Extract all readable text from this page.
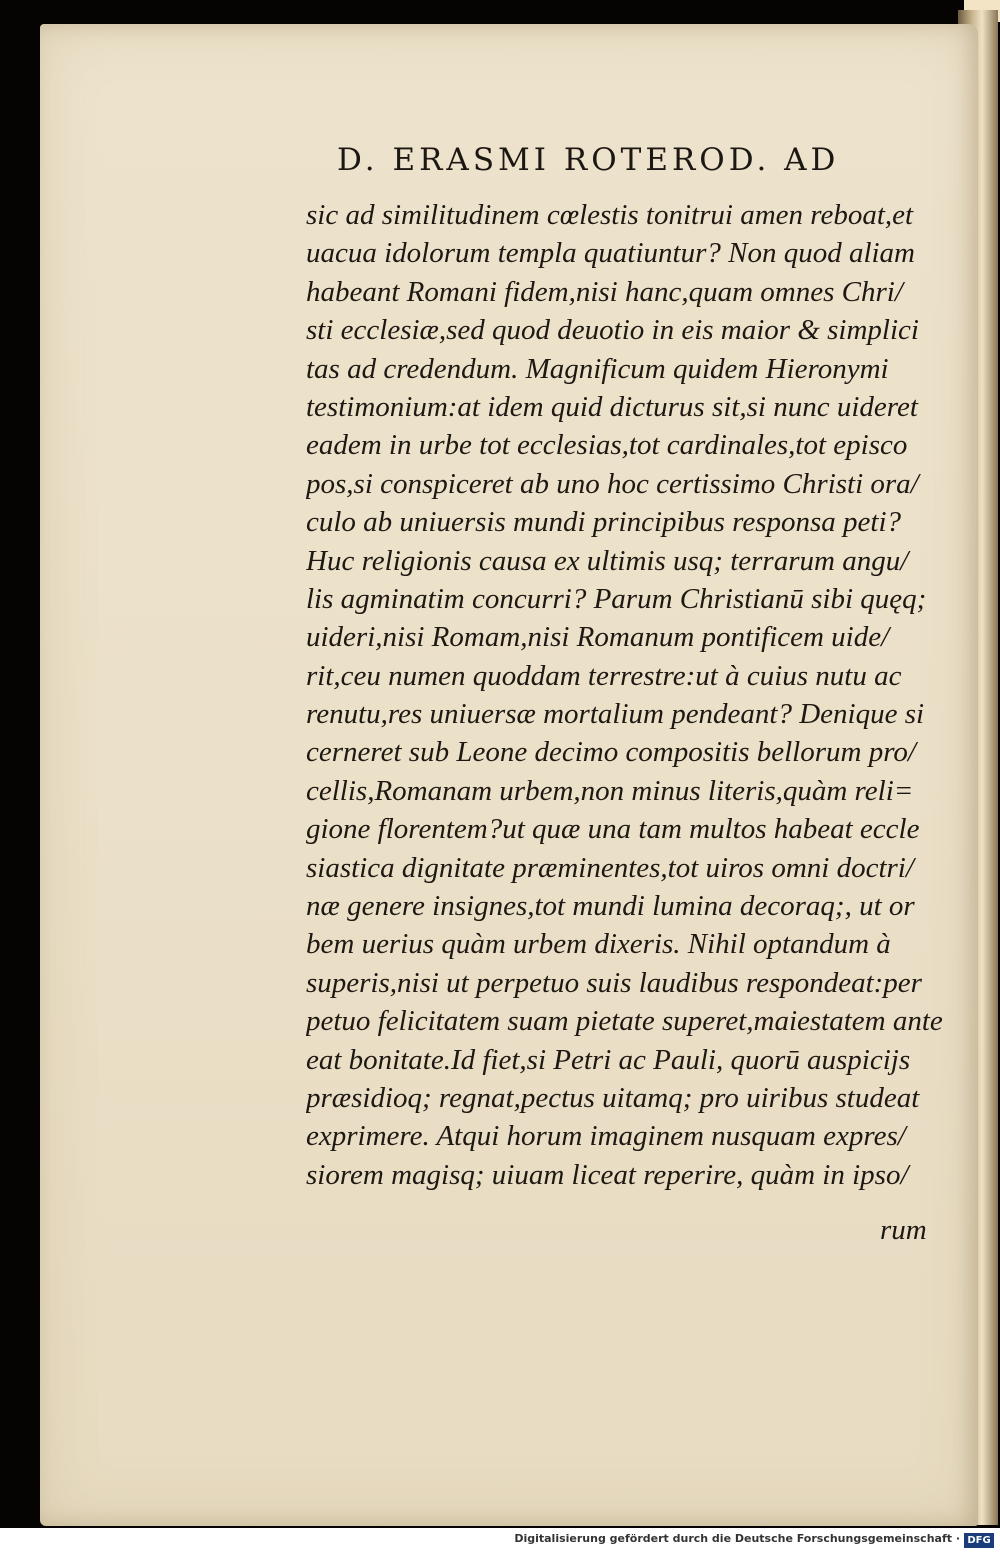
D. ERASMI ROTEROD. AD
sic ad similitudinem cœlestis tonitrui amen reboat,et
uacua idolorum templa quatiuntur? Non quod aliam
habeant Romani fidem,nisi hanc,quam omnes Chri/
sti ecclesiæ,sed quod deuotio in eis maior & simplici
tas ad credendum. Magnificum quidem Hieronymi
testimonium:at idem quid dicturus sit,si nunc uideret
eadem in urbe tot ecclesias,tot cardinales,tot episco
pos,si conspiceret ab uno hoc certissimo Christi ora/
culo ab uniuersis mundi principibus responsa peti?
Huc religionis causa ex ultimis usq; terrarum angu/
lis agminatim concurri? Parum Christianū sibi quęq;
uideri,nisi Romam,nisi Romanum pontificem uide/
rit,ceu numen quoddam terrestre:ut à cuius nutu ac
renutu,res uniuersæ mortalium pendeant? Denique si
cerneret sub Leone decimo compositis bellorum pro/
cellis,Romanam urbem,non minus literis,quàm reli=
gione florentem?ut quæ una tam multos habeat eccle
siastica dignitate præminentes,tot uiros omni doctri/
næ genere insignes,tot mundi lumina decoraq;, ut or
bem uerius quàm urbem dixeris. Nihil optandum à
superis,nisi ut perpetuo suis laudibus respondeat:per
petuo felicitatem suam pietate superet,maiestatem ante
eat bonitate.Id fiet,si Petri ac Pauli, quorū auspicijs
præsidioq; regnat,pectus uitamq; pro uiribus studeat
exprimere. Atqui horum imaginem nusquam expres/
siorem magisq; uiuam liceat reperire, quàm in ipso/
rum
Digitalisierung gefördert durch die Deutsche Forschungsgemeinschaft · DFG
